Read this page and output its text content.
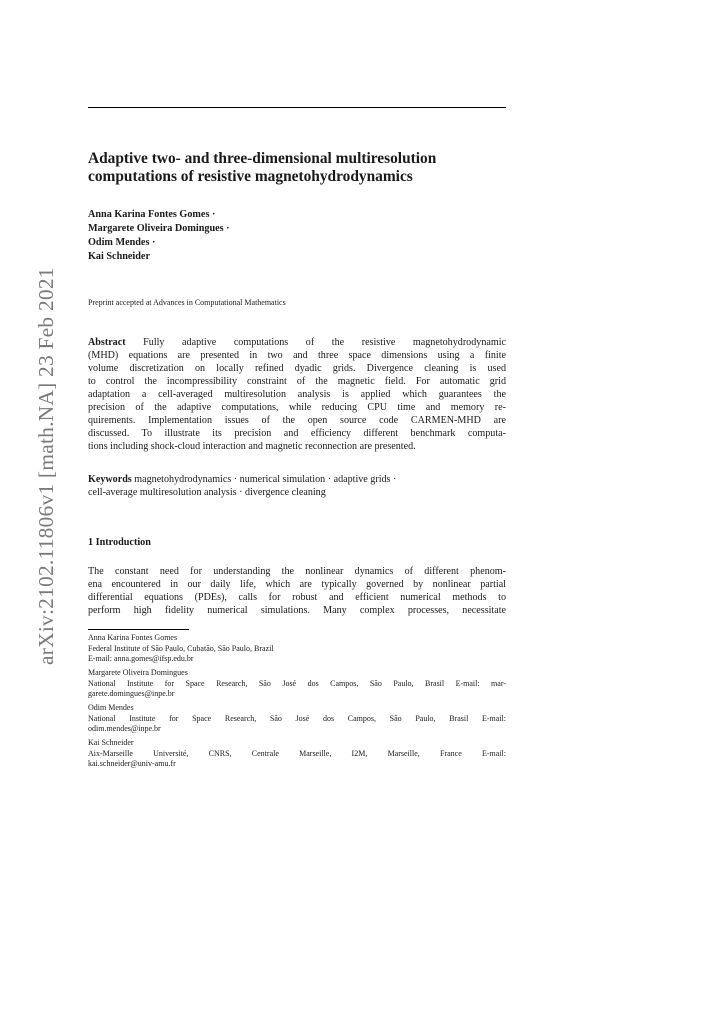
arXiv:2102.11806v1 [math.NA] 23 Feb 2021
Adaptive two- and three-dimensional multiresolution
computations of resistive magnetohydrodynamics
Anna Karina Fontes Gomes ·
Margarete Oliveira Domingues ·
Odim Mendes ·
Kai Schneider
Preprint accepted at Advances in Computational Mathematics
Abstract Fully adaptive computations of the resistive magnetohydrodynamic
(MHD) equations are presented in two and three space dimensions using a finite
volume discretization on locally refined dyadic grids. Divergence cleaning is used
to control the incompressibility constraint of the magnetic field. For automatic grid
adaptation a cell-averaged multiresolution analysis is applied which guarantees the
precision of the adaptive computations, while reducing CPU time and memory re-
quirements. Implementation issues of the open source code CARMEN-MHD are
discussed. To illustrate its precision and efficiency different benchmark computa-
tions including shock-cloud interaction and magnetic reconnection are presented.
Keywords magnetohydrodynamics · numerical simulation · adaptive grids ·
cell-average multiresolution analysis · divergence cleaning
1 Introduction
The constant need for understanding the nonlinear dynamics of different phenom-
ena encountered in our daily life, which are typically governed by nonlinear partial
differential equations (PDEs), calls for robust and efficient numerical methods to
perform high fidelity numerical simulations. Many complex processes, necessitate
Anna Karina Fontes Gomes
Federal Institute of São Paulo, Cubatão, São Paulo, Brazil
E-mail: anna.gomes@ifsp.edu.br
Margarete Oliveira Domingues
National Institute for Space Research, São José dos Campos, São Paulo, Brasil E-mail: mar-
garete.domingues@inpe.br
Odim Mendes
National Institute for Space Research, São José dos Campos, São Paulo, Brasil E-mail:
odim.mendes@inpe.br
Kai Schneider
Aix-Marseille Université, CNRS, Centrale Marseille, I2M, Marseille, France E-mail:
kai.schneider@univ-amu.fr
